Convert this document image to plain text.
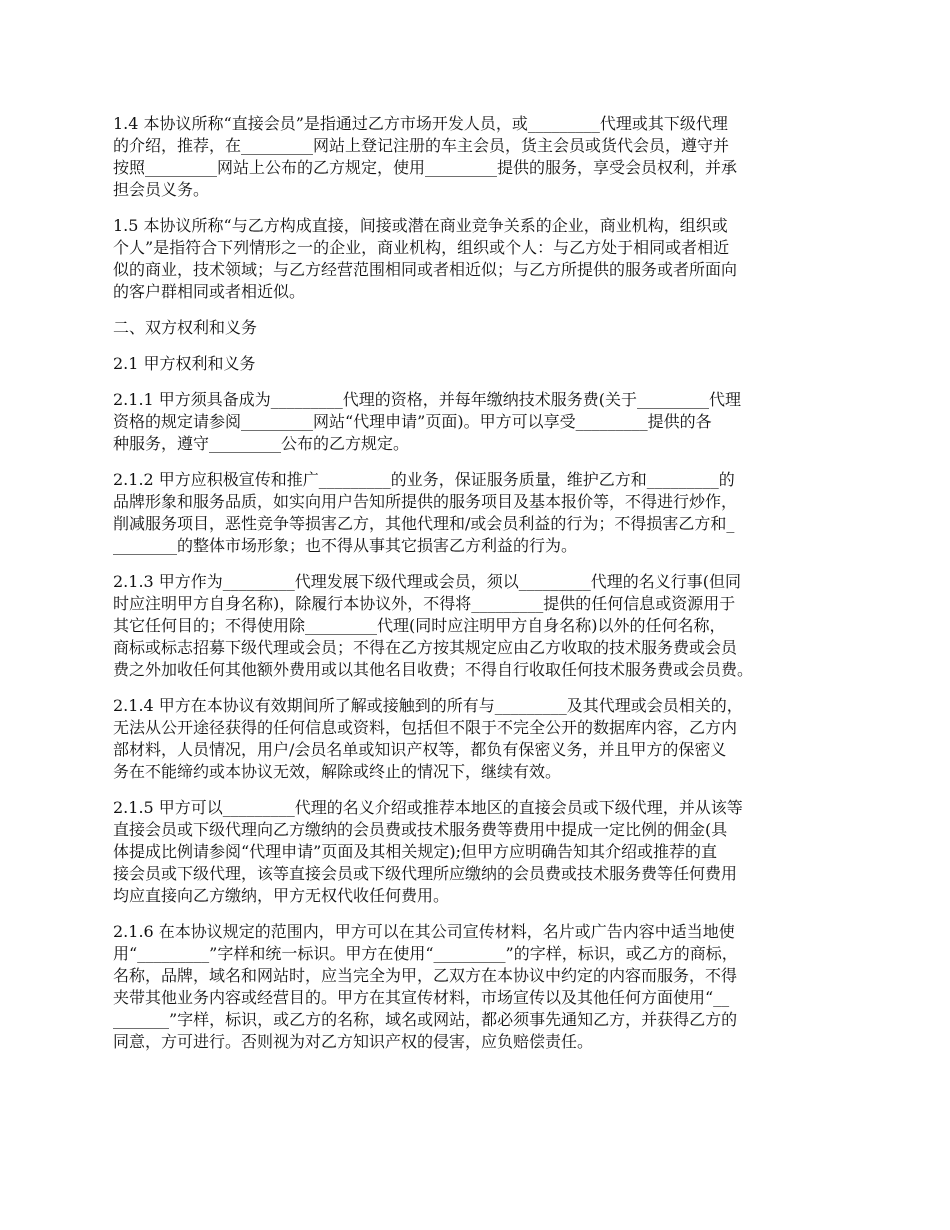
1.4 本协议所称“直接会员”是指通过乙方市场开发人员，或_________代理或其下级代理
的介绍，推荐，在_________网站上登记注册的车主会员，货主会员或货代会员，遵守并
按照_________网站上公布的乙方规定，使用_________提供的服务，享受会员权利，并承
担会员义务。

1.5 本协议所称“与乙方构成直接，间接或潜在商业竞争关系的企业，商业机构，组织或
个人”是指符合下列情形之一的企业，商业机构，组织或个人：与乙方处于相同或者相近
似的商业，技术领域；与乙方经营范围相同或者相近似；与乙方所提供的服务或者所面向
的客户群相同或者相近似。

二、双方权利和义务

2.1 甲方权利和义务

2.1.1 甲方须具备成为_________代理的资格，并每年缴纳技术服务费(关于_________代理
资格的规定请参阅_________网站“代理申请”页面)。甲方可以享受_________提供的各
种服务，遵守_________公布的乙方规定。

2.1.2 甲方应积极宣传和推广_________的业务，保证服务质量，维护乙方和_________的
品牌形象和服务品质，如实向用户告知所提供的服务项目及基本报价等，不得进行炒作，
削减服务项目，恶性竞争等损害乙方，其他代理和/或会员利益的行为；不得损害乙方和_
________的整体市场形象；也不得从事其它损害乙方利益的行为。

2.1.3 甲方作为_________代理发展下级代理或会员，须以_________代理的名义行事(但同
时应注明甲方自身名称)，除履行本协议外，不得将_________提供的任何信息或资源用于
其它任何目的；不得使用除_________代理(同时应注明甲方自身名称)以外的任何名称，
商标或标志招募下级代理或会员；不得在乙方按其规定应由乙方收取的技术服务费或会员
费之外加收任何其他额外费用或以其他名目收费；不得自行收取任何技术服务费或会员费。

2.1.4 甲方在本协议有效期间所了解或接触到的所有与_________及其代理或会员相关的，
无法从公开途径获得的任何信息或资料，包括但不限于不完全公开的数据库内容，乙方内
部材料，人员情况，用户/会员名单或知识产权等，都负有保密义务，并且甲方的保密义
务在不能缔约或本协议无效，解除或终止的情况下，继续有效。

2.1.5 甲方可以_________代理的名义介绍或推荐本地区的直接会员或下级代理，并从该等
直接会员或下级代理向乙方缴纳的会员费或技术服务费等费用中提成一定比例的佣金(具
体提成比例请参阅“代理申请”页面及其相关规定);但甲方应明确告知其介绍或推荐的直
接会员或下级代理，该等直接会员或下级代理所应缴纳的会员费或技术服务费等任何费用
均应直接向乙方缴纳，甲方无权代收任何费用。

2.1.6 在本协议规定的范围内，甲方可以在其公司宣传材料，名片或广告内容中适当地使
用“_________”字样和统一标识。甲方在使用“_________”的字样，标识，或乙方的商标，
名称，品牌，域名和网站时，应当完全为甲，乙双方在本协议中约定的内容而服务，不得
夹带其他业务内容或经营目的。甲方在其宣传材料，市场宣传以及其他任何方面使用“__
_______”字样，标识，或乙方的名称，域名或网站，都必须事先通知乙方，并获得乙方的
同意，方可进行。否则视为对乙方知识产权的侵害，应负赔偿责任。
